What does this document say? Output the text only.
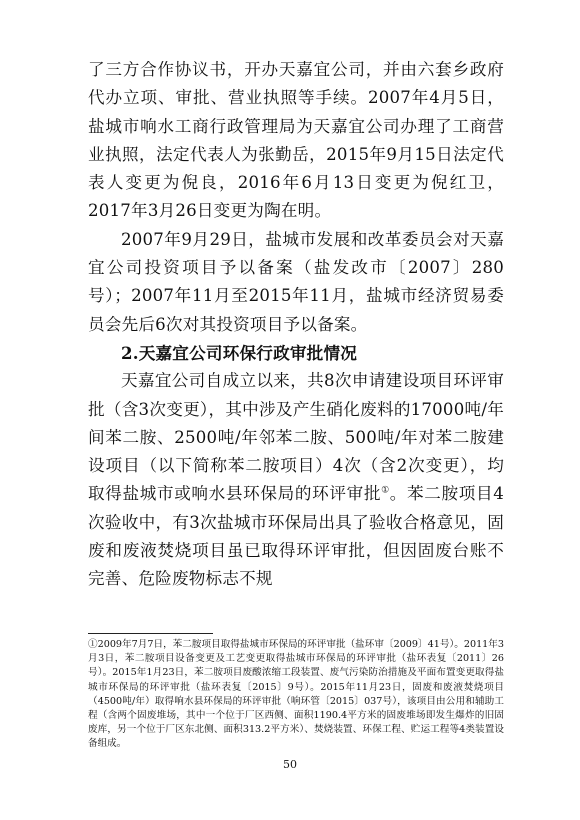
了三方合作协议书，开办天嘉宜公司，并由六套乡政府代办立项、审批、营业执照等手续。2007年4月5日，盐城市响水工商行政管理局为天嘉宜公司办理了工商营业执照，法定代表人为张勤岳，2015年9月15日法定代表人变更为倪良，2016年6月13日变更为倪红卫，2017年3月26日变更为陶在明。

2007年9月29日，盐城市发展和改革委员会对天嘉宜公司投资项目予以备案（盐发改市〔2007〕280号）；2007年11月至2015年11月，盐城市经济贸易委员会先后6次对其投资项目予以备案。

2.天嘉宜公司环保行政审批情况

天嘉宜公司自成立以来，共8次申请建设项目环评审批（含3次变更），其中涉及产生硝化废料的17000吨/年间苯二胺、2500吨/年邻苯二胺、500吨/年对苯二胺建设项目（以下简称苯二胺项目）4次（含2次变更），均取得盐城市或响水县环保局的环评审批①。苯二胺项目4次验收中，有3次盐城市环保局出具了验收合格意见，固废和废液焚烧项目虽已取得环评审批，但因固废台账不完善、危险废物标志不规

①2009年7月7日，苯二胺项目取得盐城市环保局的环评审批（盐环审〔2009〕41号）。2011年3月3日，苯二胺项目设备变更及工艺变更取得盐城市环保局的环评审批（盐环表复〔2011〕26号）。2015年1月23日，苯二胺项目废酸浓缩工段装置、废气污染防治措施及平面布置变更取得盐城市环保局的环评审批（盐环表复〔2015〕9号）。2015年11月23日，固废和废液焚烧项目（4500吨/年）取得响水县环保局的环评审批（响环管〔2015〕037号），该项目由公用和辅助工程（含两个固废堆场，其中一个位于厂区西侧、面积1190.4平方米的固废堆场即发生爆炸的旧固废库，另一个位于厂区东北侧、面积313.2平方米）、焚烧装置、环保工程、贮运工程等4类装置设备组成。

50
